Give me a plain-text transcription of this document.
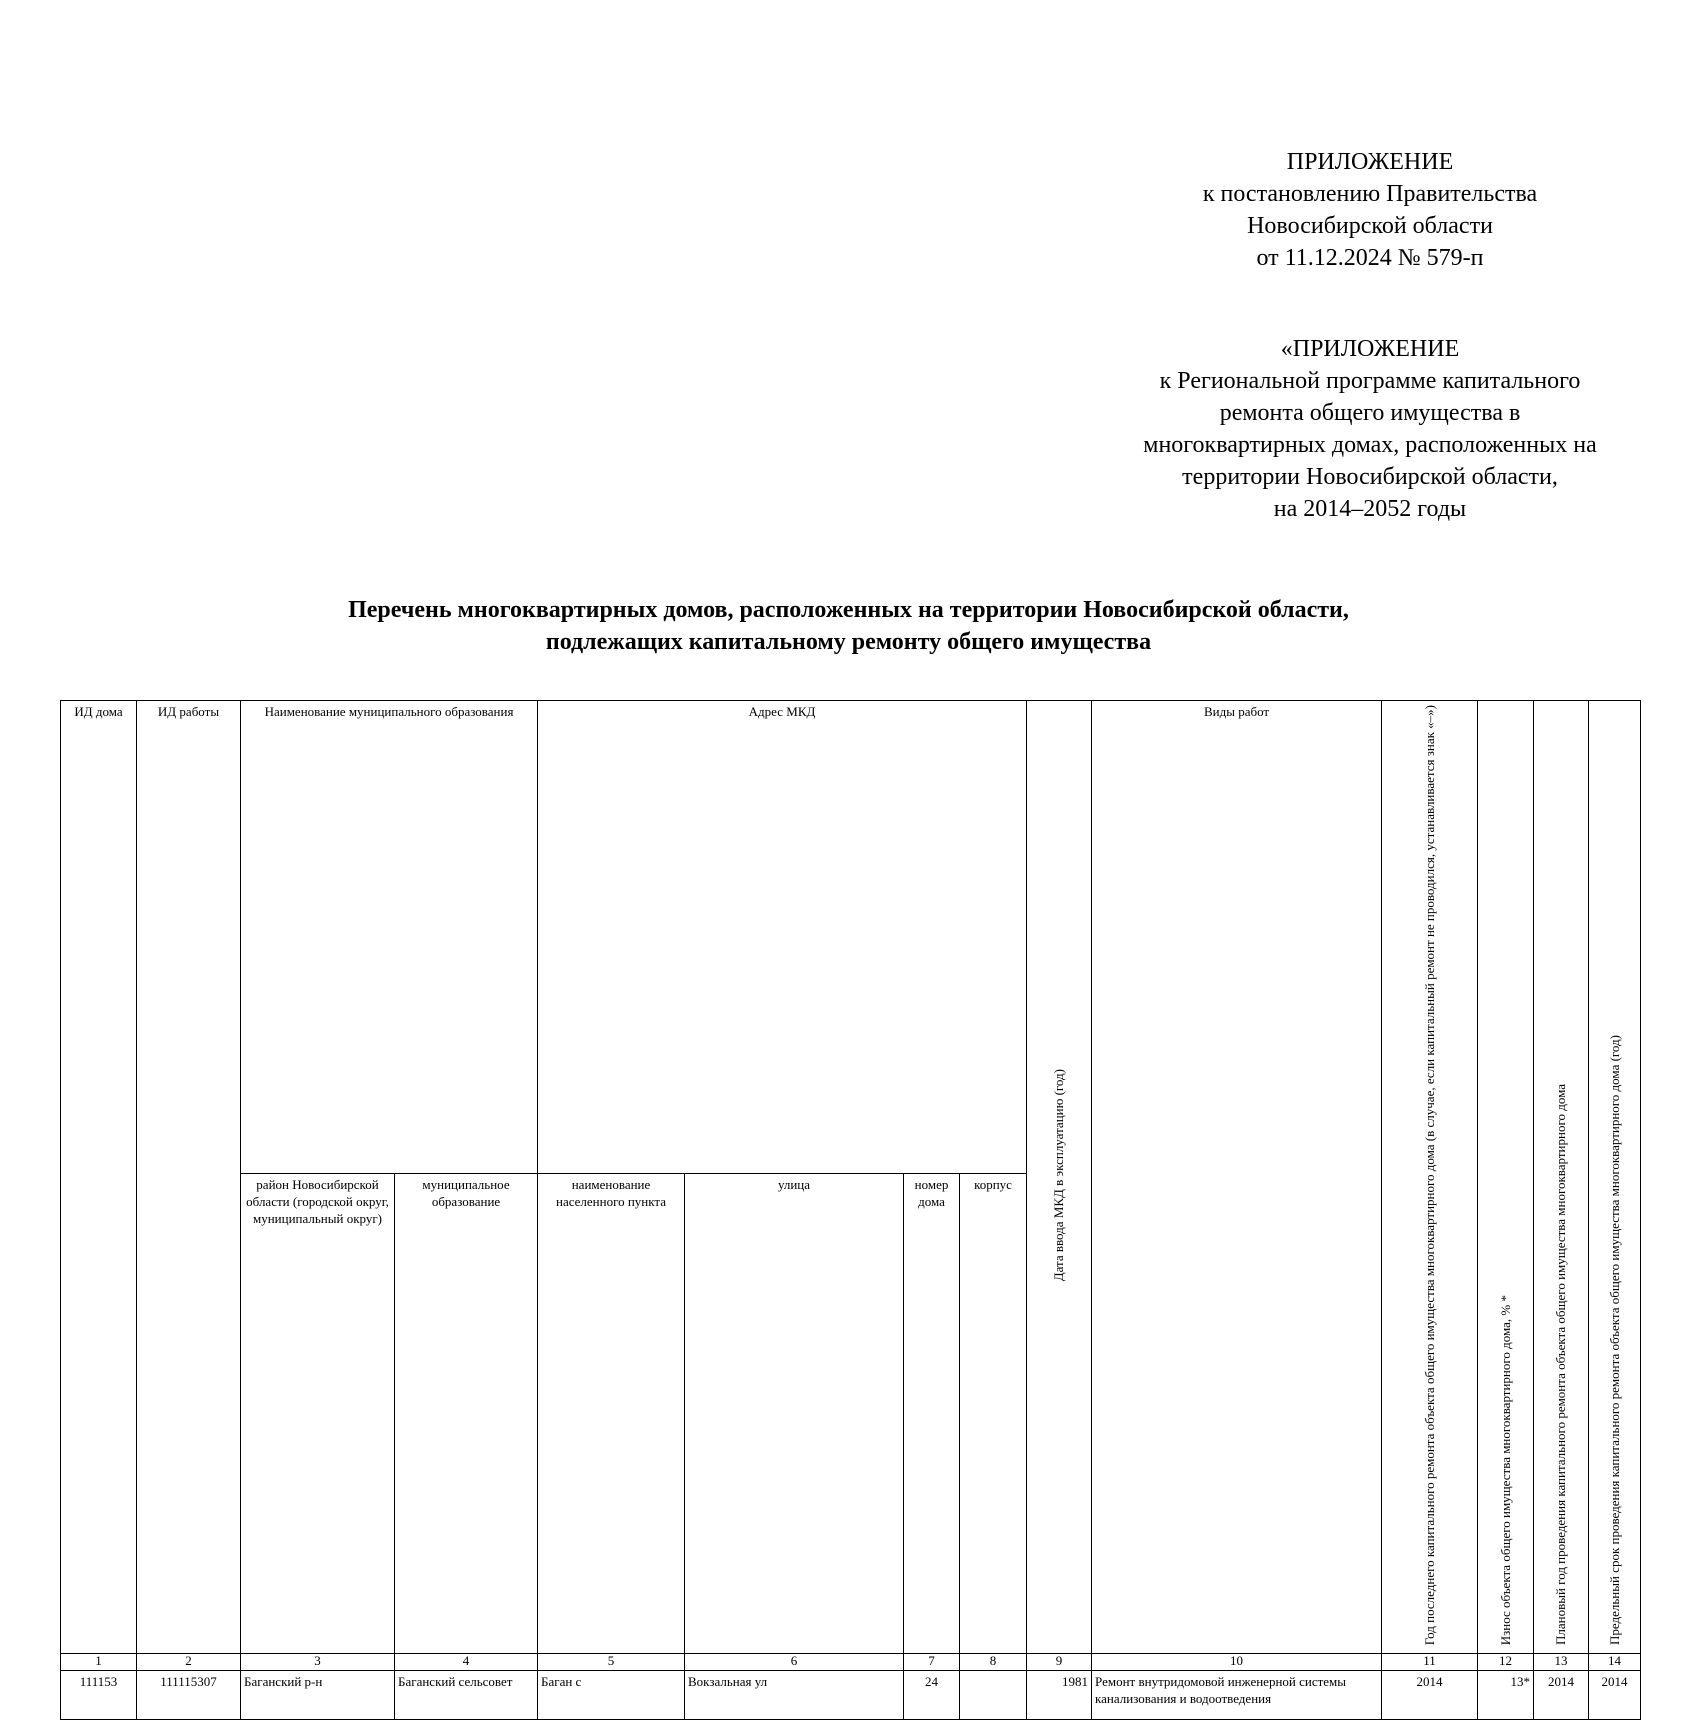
ПРИЛОЖЕНИЕ
к постановлению Правительства
Новосибирской области
от 11.12.2024 № 579-п
«ПРИЛОЖЕНИЕ
к Региональной программе капитального
ремонта общего имущества в
многоквартирных домах, расположенных на
территории Новосибирской области,
на 2014–2052 годы
Перечень многоквартирных домов, расположенных на территории Новосибирской области,
подлежащих капитальному ремонту общего имущества
ИД дома	ИД работы	Наименование муниципального образования		Адрес МКД				Дата ввода МКД в эксплуатацию (год)	Виды работ	Год последнего капитального ремонта объекта общего имущества многоквартирного дома (в случае, если капитальный ремонт не проводился, устанавливается знак «–»)	Износ объекта общего имущества многоквартирного дома, % *	Плановый год проведения капитального ремонта объекта общего имущества многоквартирного дома	Предельный срок проведения капитального ремонта объекта общего имущества многоквартирного дома (год)
		район Новосибирской области (городской округ, муниципальный округ)	муниципальное образование	наименование населенного пункта	улица	номер дома	корпус						
1	2	3	4	5	6	7	8	9	10	11	12	13	14
111153	111115307	Баганский р-н	Баганский сельсовет	Баган с	Вокзальная ул	24		1981	Ремонт внутридомовой инженерной системы канализования и водоотведения	2014	13*	2014	2014
